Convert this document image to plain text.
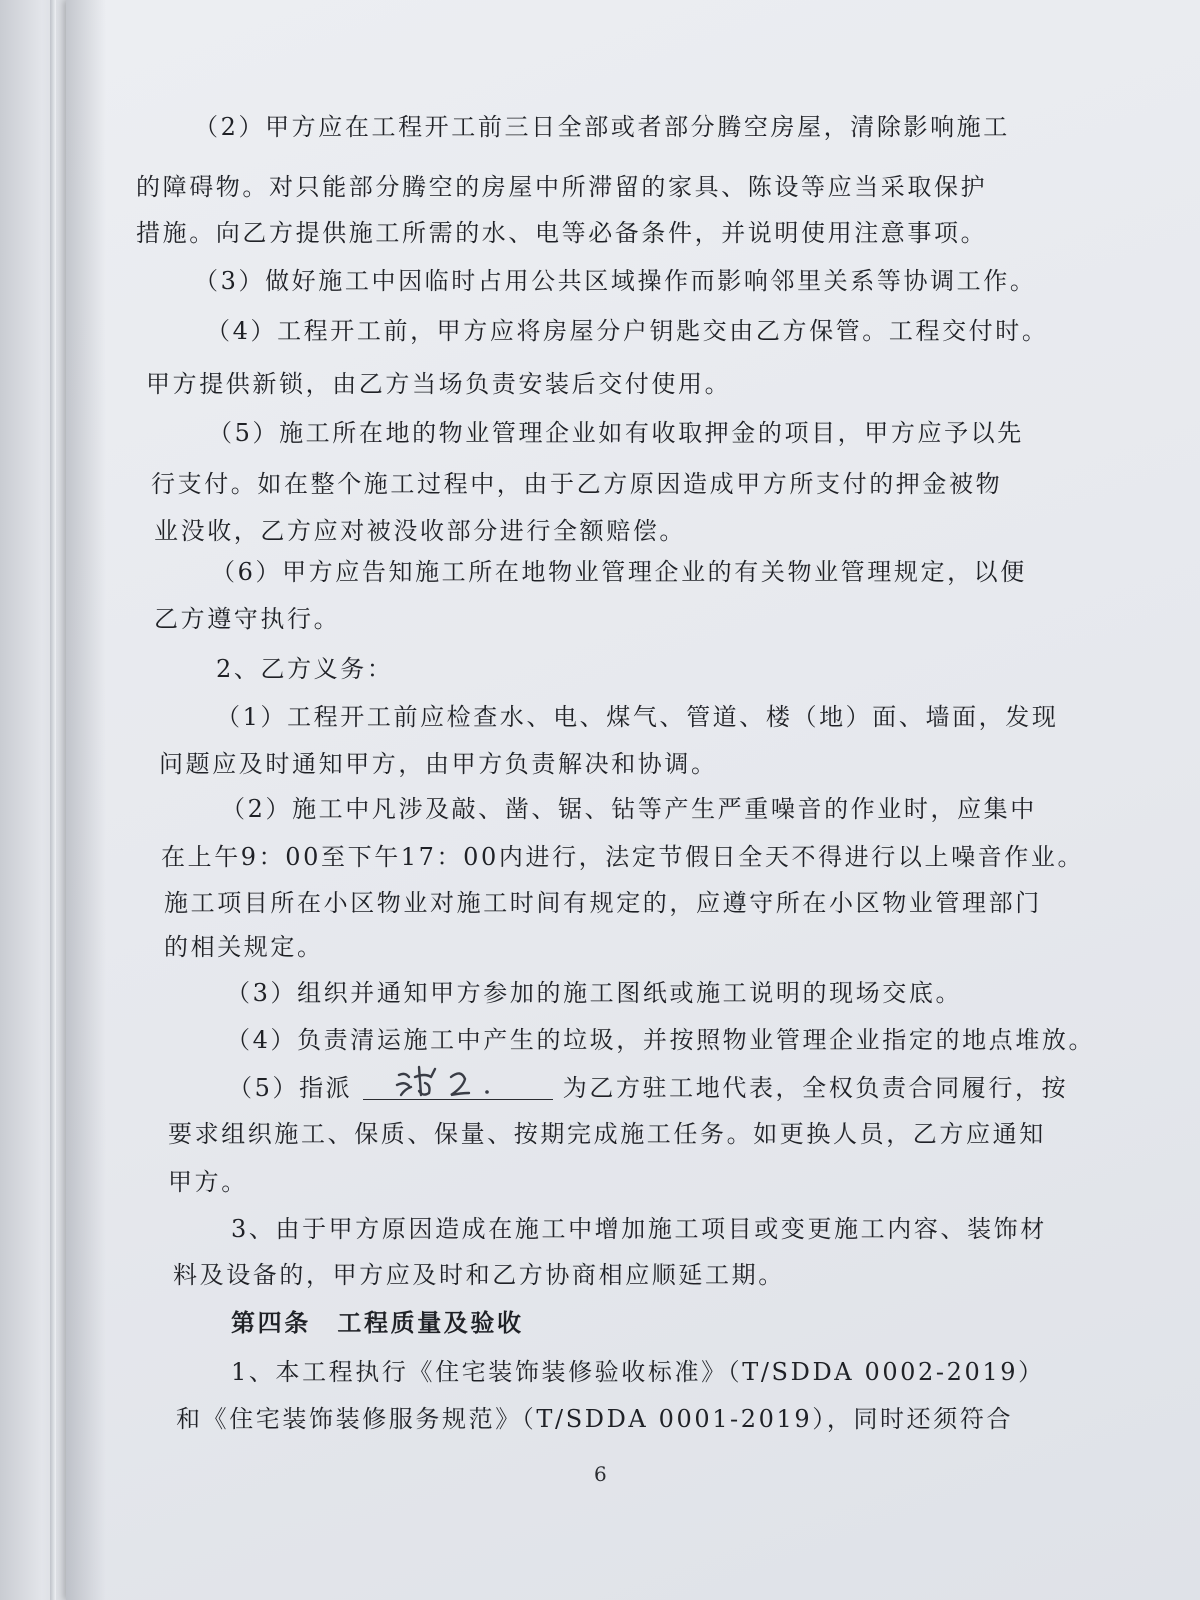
（2）甲方应在工程开工前三日全部或者部分腾空房屋，清除影响施工
的障碍物。对只能部分腾空的房屋中所滞留的家具、陈设等应当采取保护
措施。向乙方提供施工所需的水、电等必备条件，并说明使用注意事项。
（3）做好施工中因临时占用公共区域操作而影响邻里关系等协调工作。
（4）工程开工前，甲方应将房屋分户钥匙交由乙方保管。工程交付时。
甲方提供新锁，由乙方当场负责安装后交付使用。
（5）施工所在地的物业管理企业如有收取押金的项目，甲方应予以先
行支付。如在整个施工过程中，由于乙方原因造成甲方所支付的押金被物
业没收，乙方应对被没收部分进行全额赔偿。
（6）甲方应告知施工所在地物业管理企业的有关物业管理规定，以便
乙方遵守执行。
2、乙方义务：
（1）工程开工前应检查水、电、煤气、管道、楼（地）面、墙面，发现
问题应及时通知甲方，由甲方负责解决和协调。
（2）施工中凡涉及敲、凿、锯、钻等产生严重噪音的作业时，应集中
在上午9：00至下午17：00内进行，法定节假日全天不得进行以上噪音作业。
施工项目所在小区物业对施工时间有规定的，应遵守所在小区物业管理部门
的相关规定。
（3）组织并通知甲方参加的施工图纸或施工说明的现场交底。
（4）负责清运施工中产生的垃圾，并按照物业管理企业指定的地点堆放。
（5）指派	为乙方驻工地代表，全权负责合同履行，按
要求组织施工、保质、保量、按期完成施工任务。如更换人员，乙方应通知
甲方。
3、由于甲方原因造成在施工中增加施工项目或变更施工内容、装饰材
料及设备的，甲方应及时和乙方协商相应顺延工期。
第四条　工程质量及验收
1、本工程执行《住宅装饰装修验收标准》（T/SDDA 0002-2019）
和《住宅装饰装修服务规范》（T/SDDA 0001-2019），同时还须符合
6
